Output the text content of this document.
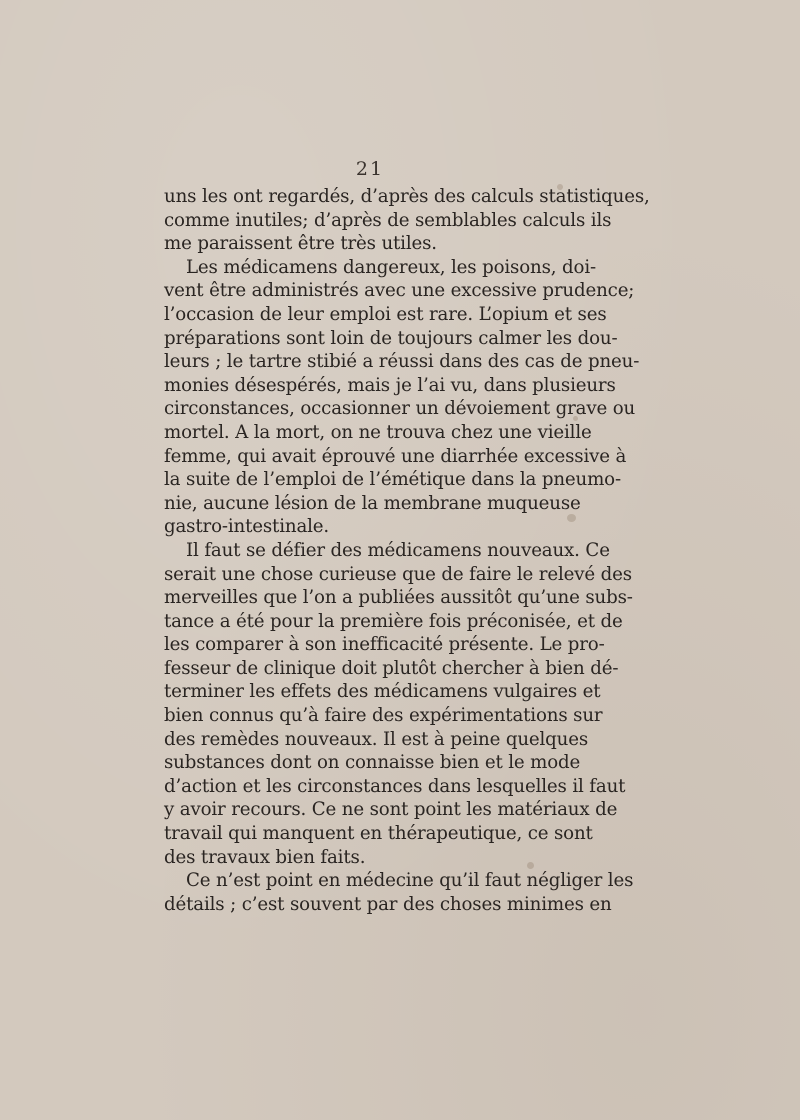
21
uns les ont regardés, d’après des calculs statistiques,
comme inutiles; d’après de semblables calculs ils
me paraissent être très utiles.
Les médicamens dangereux, les poisons, doi-
vent être administrés avec une excessive prudence;
l’occasion de leur emploi est rare. L’opium et ses
préparations sont loin de toujours calmer les dou-
leurs ; le tartre stibié a réussi dans des cas de pneu-
monies désespérés, mais je l’ai vu, dans plusieurs
circonstances, occasionner un dévoiement grave ou
mortel. A la mort, on ne trouva chez une vieille
femme, qui avait éprouvé une diarrhée excessive à
la suite de l’emploi de l’émétique dans la pneumo-
nie, aucune lésion de la membrane muqueuse
gastro-intestinale.
Il faut se défier des médicamens nouveaux. Ce
serait une chose curieuse que de faire le relevé des
merveilles que l’on a publiées aussitôt qu’une subs-
tance a été pour la première fois préconisée, et de
les comparer à son inefficacité présente. Le pro-
fesseur de clinique doit plutôt chercher à bien dé-
terminer les effets des médicamens vulgaires et
bien connus qu’à faire des expérimentations sur
des remèdes nouveaux. Il est à peine quelques
substances dont on connaisse bien et le mode
d’action et les circonstances dans lesquelles il faut
y avoir recours. Ce ne sont point les matériaux de
travail qui manquent en thérapeutique, ce sont
des travaux bien faits.
Ce n’est point en médecine qu’il faut négliger les
détails ; c’est souvent par des choses minimes en
